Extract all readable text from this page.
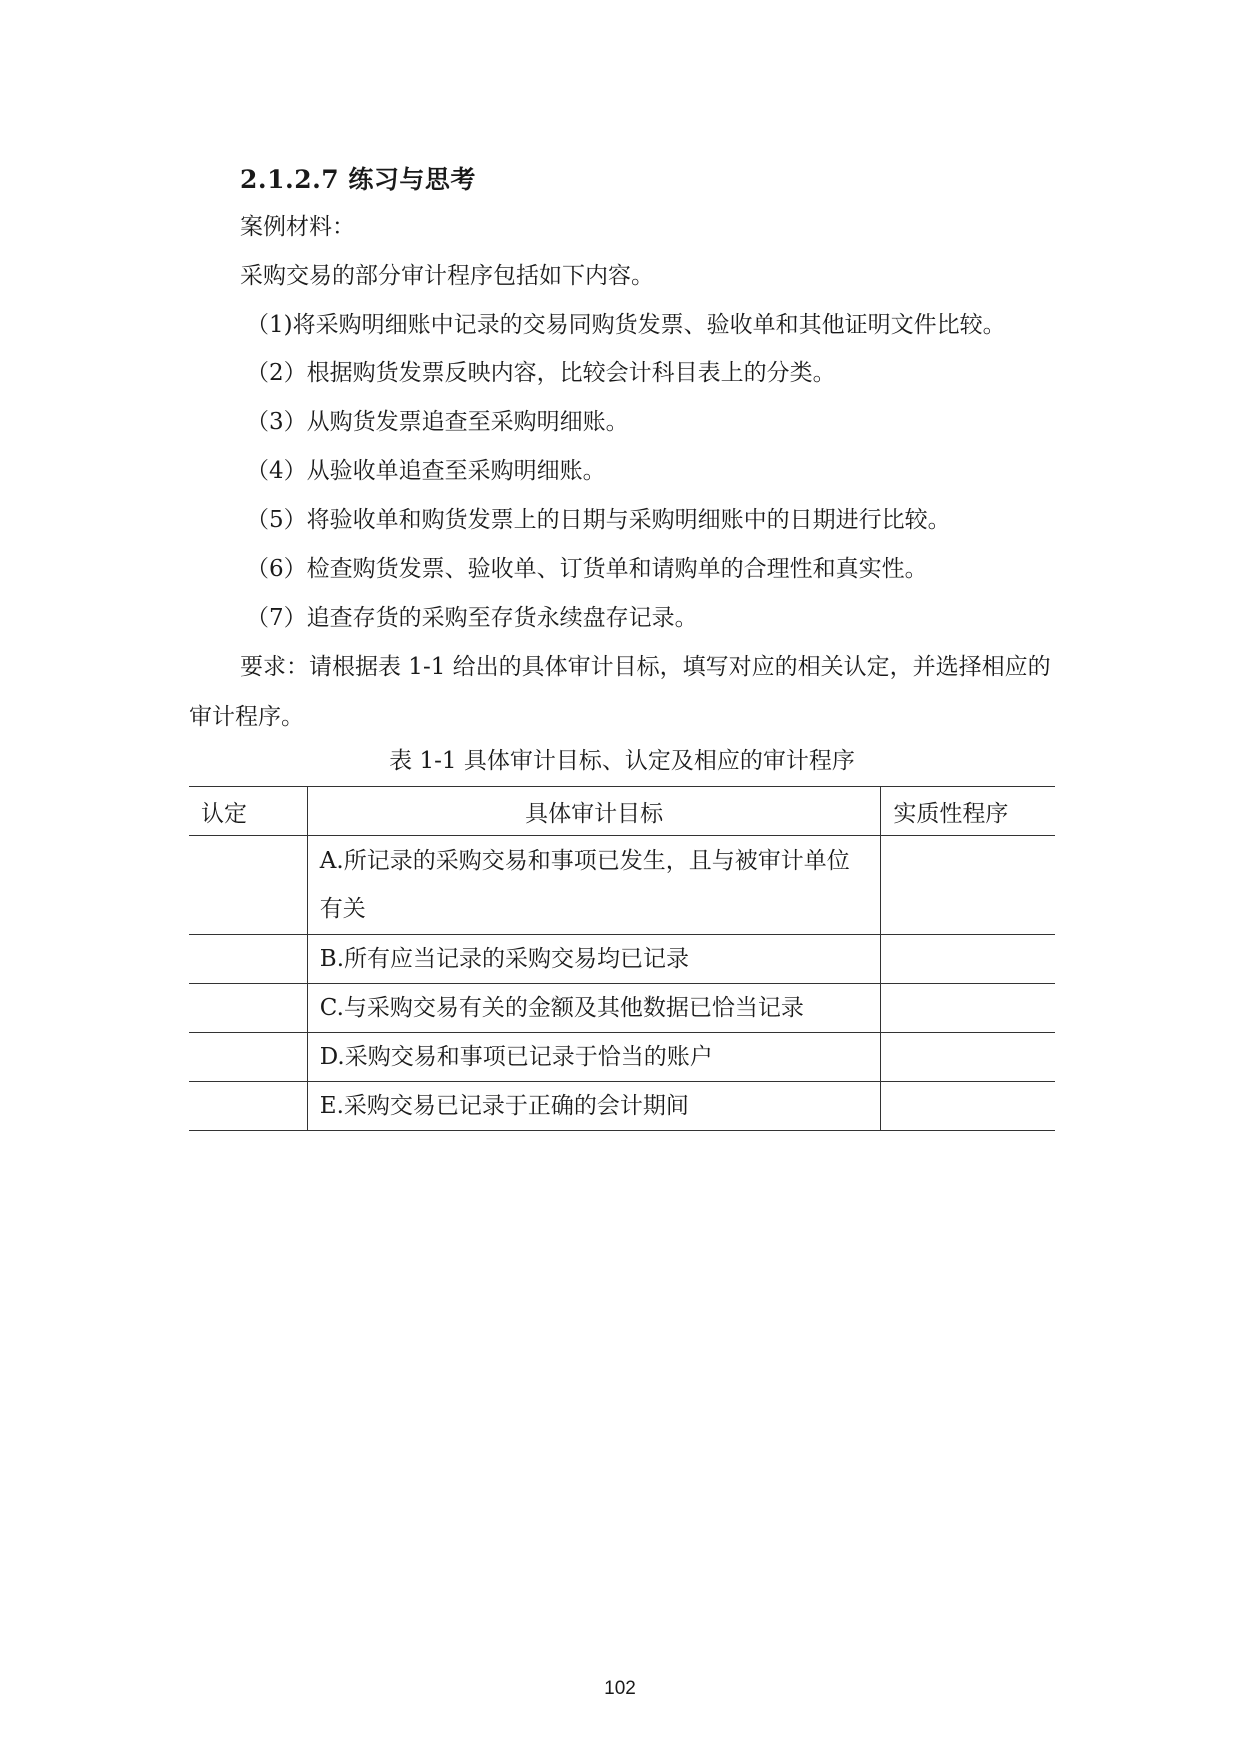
2.1.2.7 练习与思考
案例材料：
采购交易的部分审计程序包括如下内容。
（1)将采购明细账中记录的交易同购货发票、验收单和其他证明文件比较。
（2）根据购货发票反映内容，比较会计科目表上的分类。
（3）从购货发票追查至采购明细账。
（4）从验收单追查至采购明细账。
（5）将验收单和购货发票上的日期与采购明细账中的日期进行比较。
（6）检查购货发票、验收单、订货单和请购单的合理性和真实性。
（7）追查存货的采购至存货永续盘存记录。
要求：请根据表 1-1 给出的具体审计目标，填写对应的相关认定，并选择相应的审计程序。
表 1-1 具体审计目标、认定及相应的审计程序
认定	具体审计目标	实质性程序
	A.所记录的采购交易和事项已发生，且与被审计单位有关	
	B.所有应当记录的采购交易均已记录	
	C.与采购交易有关的金额及其他数据已恰当记录	
	D.采购交易和事项已记录于恰当的账户	
	E.采购交易已记录于正确的会计期间	
102
